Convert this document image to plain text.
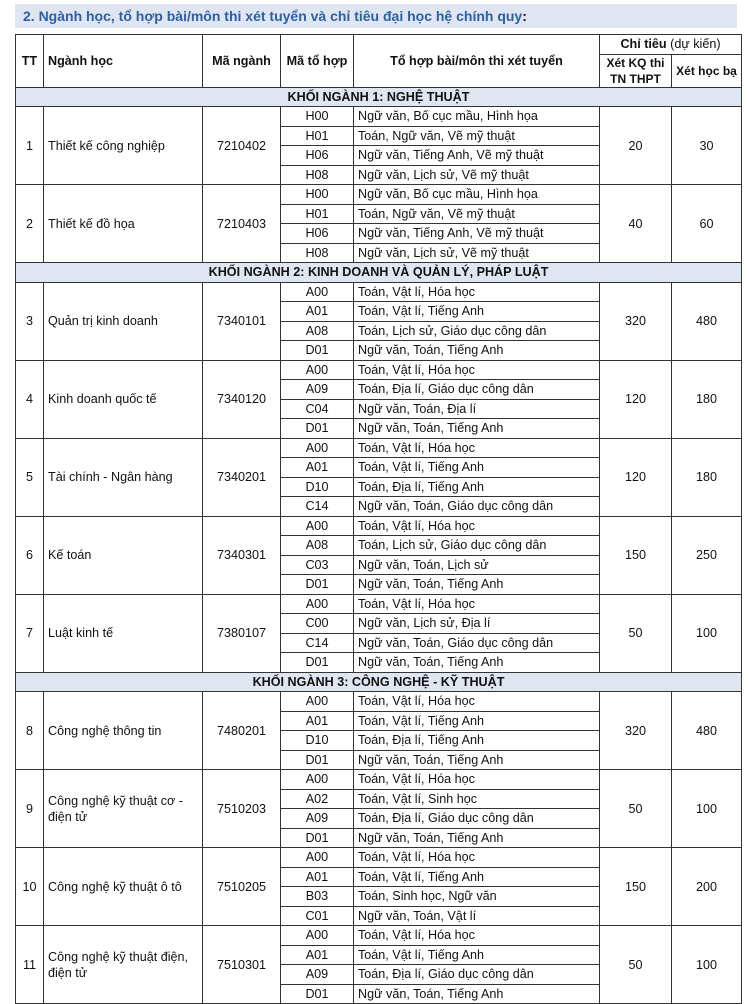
2. Ngành học, tổ hợp bài/môn thi xét tuyển và chỉ tiêu đại học hệ chính quy:
TT	Ngành học	Mã ngành	Mã tổ hợp	Tổ hợp bài/môn thi xét tuyển	Chỉ tiêu (dự kiến)	
					Xét KQ thi TN THPT	Xét học bạ
KHỐI NGÀNH 1: NGHỆ THUẬT						
1	Thiết kế công nghiệp	7210402	H00	Ngữ văn, Bố cục mầu, Hình họa	20	30
			H01	Toán, Ngữ văn, Vẽ mỹ thuật		
			H06	Ngữ văn, Tiếng Anh, Vẽ mỹ thuật		
			H08	Ngữ văn, Lịch sử, Vẽ mỹ thuật		
2	Thiết kế đồ họa	7210403	H00	Ngữ văn, Bố cục mầu, Hình họa	40	60
			H01	Toán, Ngữ văn, Vẽ mỹ thuật		
			H06	Ngữ văn, Tiếng Anh, Vẽ mỹ thuật		
			H08	Ngữ văn, Lịch sử, Vẽ mỹ thuật		
KHỐI NGÀNH 2: KINH DOANH VÀ QUẢN LÝ, PHÁP LUẬT						
3	Quản trị kinh doanh	7340101	A00	Toán, Vật lí, Hóa học	320	480
			A01	Toán, Vật lí, Tiếng Anh		
			A08	Toán, Lịch sử, Giáo dục công dân		
			D01	Ngữ văn, Toán, Tiếng Anh		
4	Kinh doanh quốc tế	7340120	A00	Toán, Vật lí, Hóa học	120	180
			A09	Toán, Địa lí, Giáo dục công dân		
			C04	Ngữ văn, Toán, Địa lí		
			D01	Ngữ văn, Toán, Tiếng Anh		
5	Tài chính - Ngân hàng	7340201	A00	Toán, Vật lí, Hóa học	120	180
			A01	Toán, Vật lí, Tiếng Anh		
			D10	Toán, Địa lí, Tiếng Anh		
			C14	Ngữ văn, Toán, Giáo dục công dân		
6	Kế toán	7340301	A00	Toán, Vật lí, Hóa học	150	250
			A08	Toán, Lịch sử, Giáo dục công dân		
			C03	Ngữ văn, Toán, Lịch sử		
			D01	Ngữ văn, Toán, Tiếng Anh		
7	Luật kinh tế	7380107	A00	Toán, Vật lí, Hóa học	50	100
			C00	Ngữ văn, Lịch sử, Địa lí		
			C14	Ngữ văn, Toán, Giáo dục công dân		
			D01	Ngữ văn, Toán, Tiếng Anh		
KHỐI NGÀNH 3: CÔNG NGHỆ - KỸ THUẬT						
8	Công nghệ thông tin	7480201	A00	Toán, Vật lí, Hóa học	320	480
			A01	Toán, Vật lí, Tiếng Anh		
			D10	Toán, Địa lí, Tiếng Anh		
			D01	Ngữ văn, Toán, Tiếng Anh		
9	Công nghệ kỹ thuật cơ - điện tử	7510203	A00	Toán, Vật lí, Hóa học	50	100
			A02	Toán, Vật lí, Sinh học		
			A09	Toán, Địa lí, Giáo dục công dân		
			D01	Ngữ văn, Toán, Tiếng Anh		
10	Công nghệ kỹ thuật ô tô	7510205	A00	Toán, Vật lí, Hóa học	150	200
			A01	Toán, Vật lí, Tiếng Anh		
			B03	Toán, Sinh học, Ngữ văn		
			C01	Ngữ văn, Toán, Vật lí		
11	Công nghệ kỹ thuật điện, điện tử	7510301	A00	Toán, Vật lí, Hóa học	50	100
			A01	Toán, Vật lí, Tiếng Anh		
			A09	Toán, Địa lí, Giáo dục công dân		
			D01	Ngữ văn, Toán, Tiếng Anh		
